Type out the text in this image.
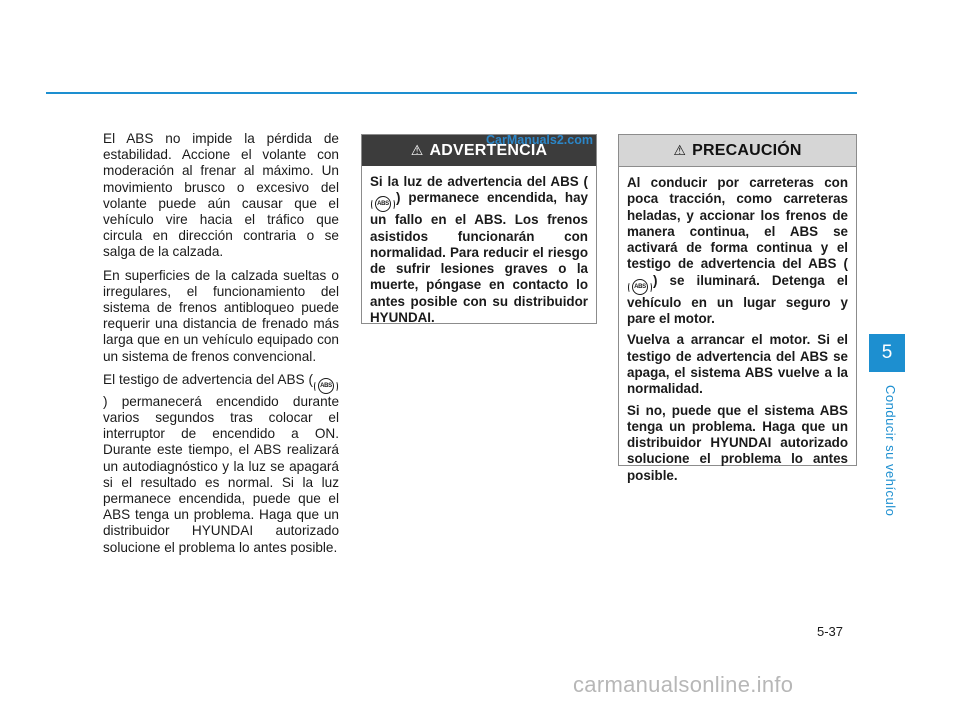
El ABS no impide la pérdida de estabilidad. Accione el volante con moderación al frenar al máximo. Un movimiento brusco o excesivo del volante puede aún causar que el vehículo vire hacia el tráfico que circula en dirección contraria o se salga de la calzada.

En superficies de la calzada sueltas o irregulares, el funcionamiento del sistema de frenos antibloqueo puede requerir una distancia de frenado más larga que en un vehículo equipado con un sistema de frenos convencional.

El testigo de advertencia del ABS ( ABS) permanecerá encendido durante varios segundos tras colocar el interruptor de encendido a ON. Durante este tiempo, el ABS realizará un autodiagnóstico y la luz se apagará si el resultado es normal. Si la luz permanece encendida, puede que el ABS tenga un problema. Haga que un distribuidor HYUNDAI autorizado solucione el problema lo antes posible.

⚠ ADVERTENCIA

Si la luz de advertencia del ABS (ABS ) permanece encendida, hay un fallo en el ABS. Los frenos asistidos funcionarán con normalidad. Para reducir el riesgo de sufrir lesiones graves o la muerte, póngase en contacto lo antes posible con su distribuidor HYUNDAI.

CarManuals2.com
⚠ PRECAUCIÓN

Al conducir por carreteras con poca tracción, como carreteras heladas, y accionar los frenos de manera continua, el ABS se activará de forma continua y el testigo de advertencia del ABS (ABS ) se iluminará. Detenga el vehículo en un lugar seguro y pare el motor.

Vuelva a arrancar el motor. Si el testigo de advertencia del ABS se apaga, el sistema ABS vuelve a la normalidad.

Si no, puede que el sistema ABS tenga un problema. Haga que un distribuidor HYUNDAI autorizado solucione el problema lo antes posible.

5
Conducir su vehículo
5-37
carmanualsonline.info
